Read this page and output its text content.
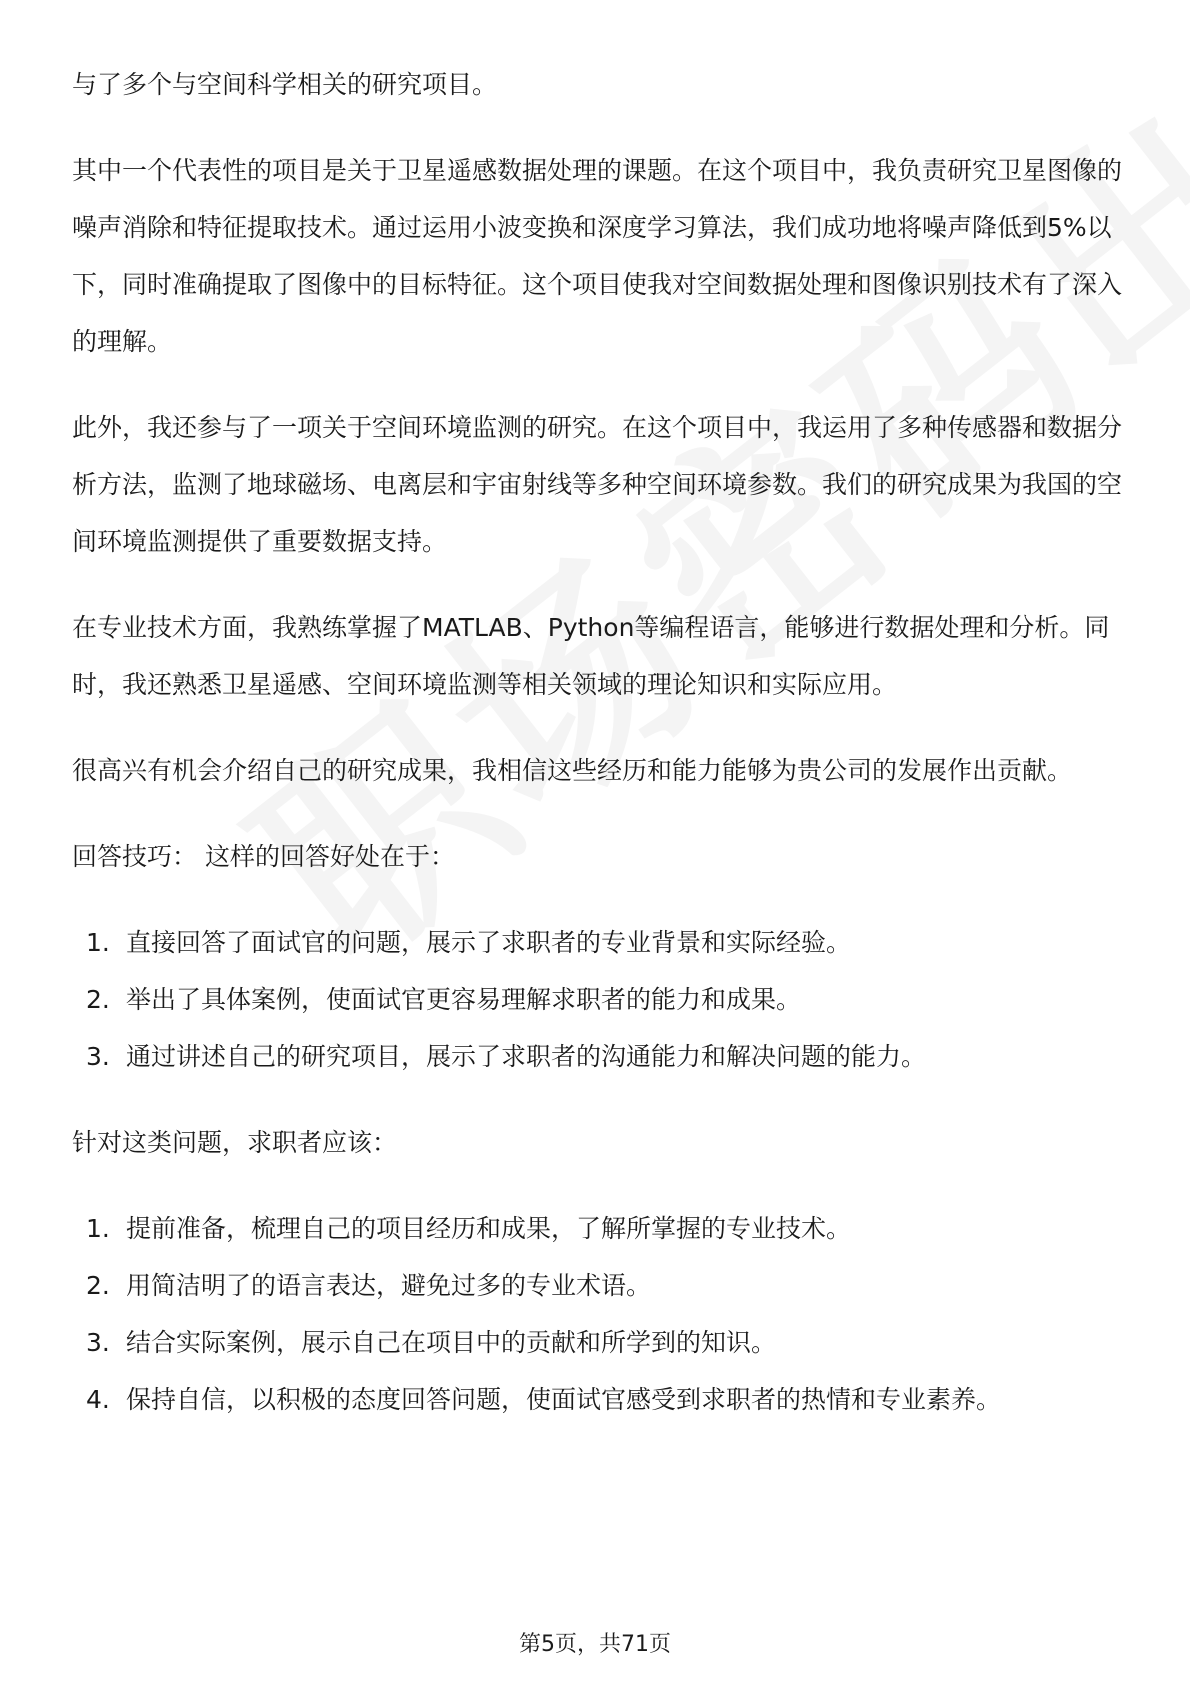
与了多个与空间科学相关的研究项目。

其中一个代表性的项目是关于卫星遥感数据处理的课题。在这个项目中，我负责研究卫星图像的噪声消除和特征提取技术。通过运用小波变换和深度学习算法，我们成功地将噪声降低到5%以下，同时准确提取了图像中的目标特征。这个项目使我对空间数据处理和图像识别技术有了深入的理解。

此外，我还参与了一项关于空间环境监测的研究。在这个项目中，我运用了多种传感器和数据分析方法，监测了地球磁场、电离层和宇宙射线等多种空间环境参数。我们的研究成果为我国的空间环境监测提供了重要数据支持。

在专业技术方面，我熟练掌握了MATLAB、Python等编程语言，能够进行数据处理和分析。同时，我还熟悉卫星遥感、空间环境监测等相关领域的理论知识和实际应用。

很高兴有机会介绍自己的研究成果，我相信这些经历和能力能够为贵公司的发展作出贡献。

回答技巧： 这样的回答好处在于：

1. 直接回答了面试官的问题，展示了求职者的专业背景和实际经验。
2. 举出了具体案例，使面试官更容易理解求职者的能力和成果。
3. 通过讲述自己的研究项目，展示了求职者的沟通能力和解决问题的能力。

针对这类问题，求职者应该：

1. 提前准备，梳理自己的项目经历和成果，了解所掌握的专业技术。
2. 用简洁明了的语言表达，避免过多的专业术语。
3. 结合实际案例，展示自己在项目中的贡献和所学到的知识。
4. 保持自信，以积极的态度回答问题，使面试官感受到求职者的热情和专业素养。
第5页，共71页
